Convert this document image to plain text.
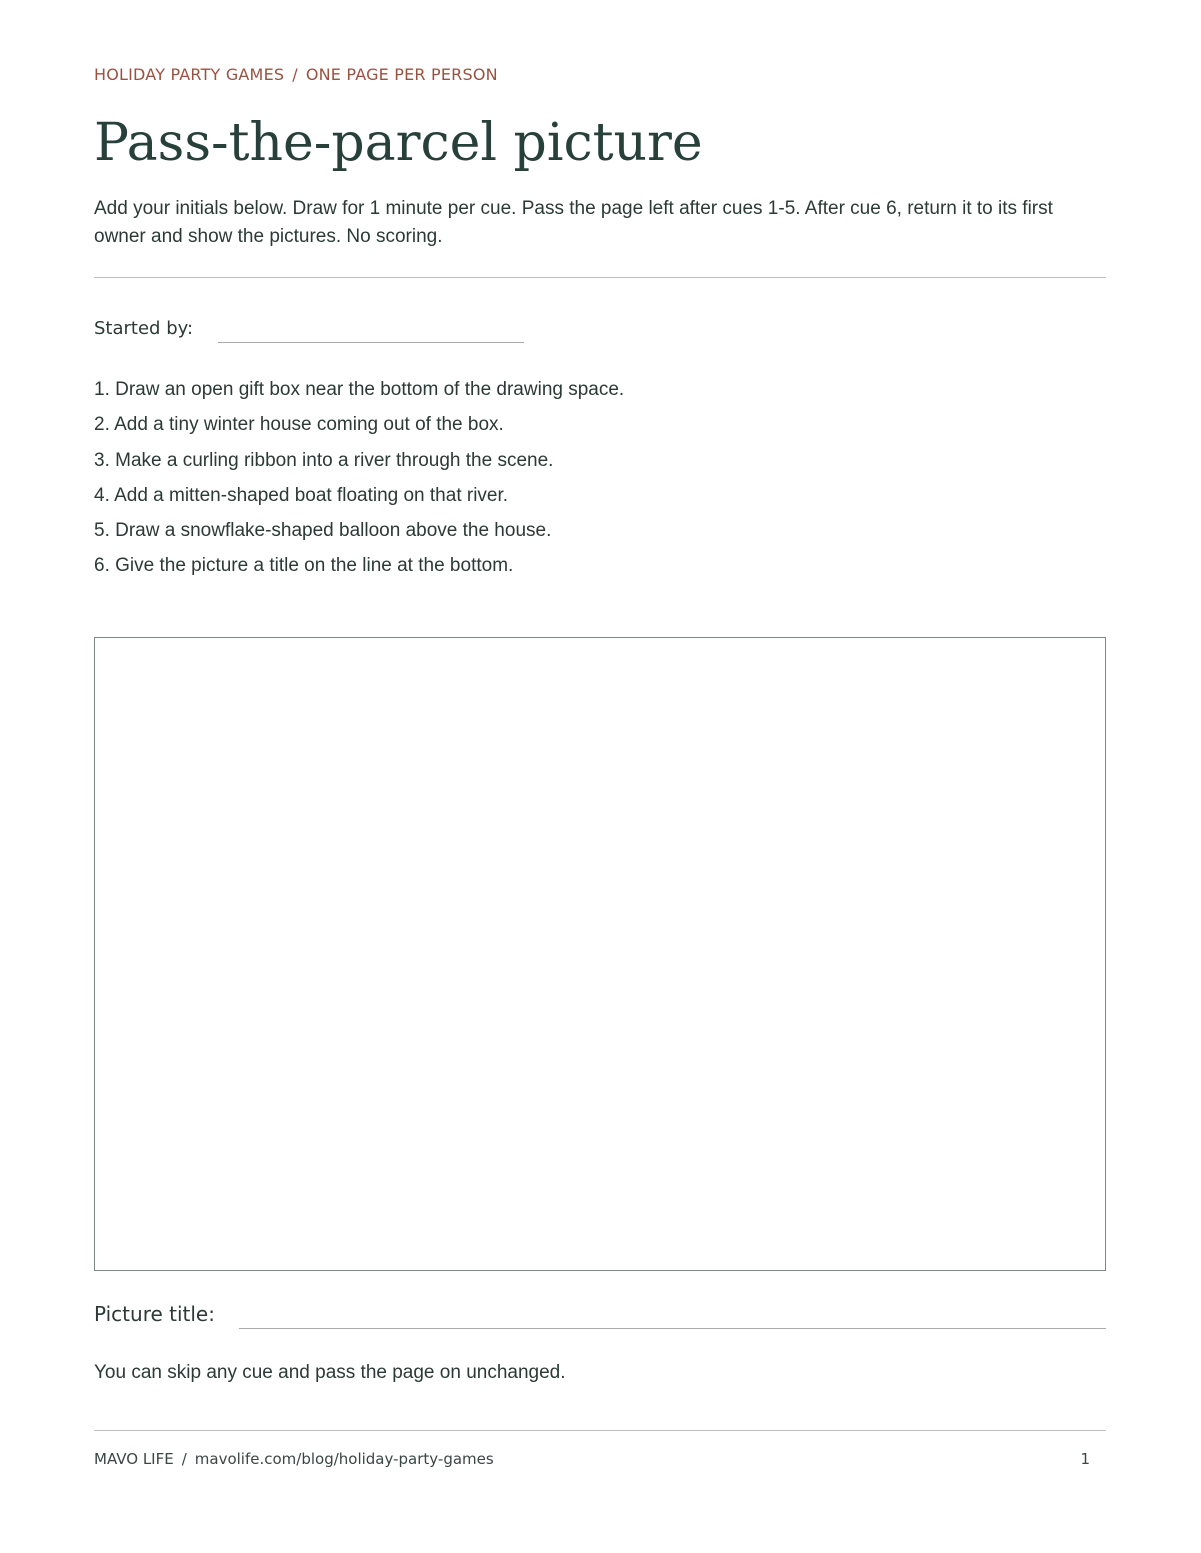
HOLIDAY PARTY GAMES / ONE PAGE PER PERSON
Pass-the-parcel picture

Add your initials below. Draw for 1 minute per cue. Pass the page left after cues 1-5. After cue 6, return it to its first owner and show the pictures. No scoring.

Started by:
1. Draw an open gift box near the bottom of the drawing space.
2. Add a tiny winter house coming out of the box.
3. Make a curling ribbon into a river through the scene.
4. Add a mitten-shaped boat floating on that river.
5. Draw a snowflake-shaped balloon above the house.
6. Give the picture a title on the line at the bottom.
Picture title:

You can skip any cue and pass the page on unchanged.

MAVO LIFE / mavolife.com/blog/holiday-party-games	1
